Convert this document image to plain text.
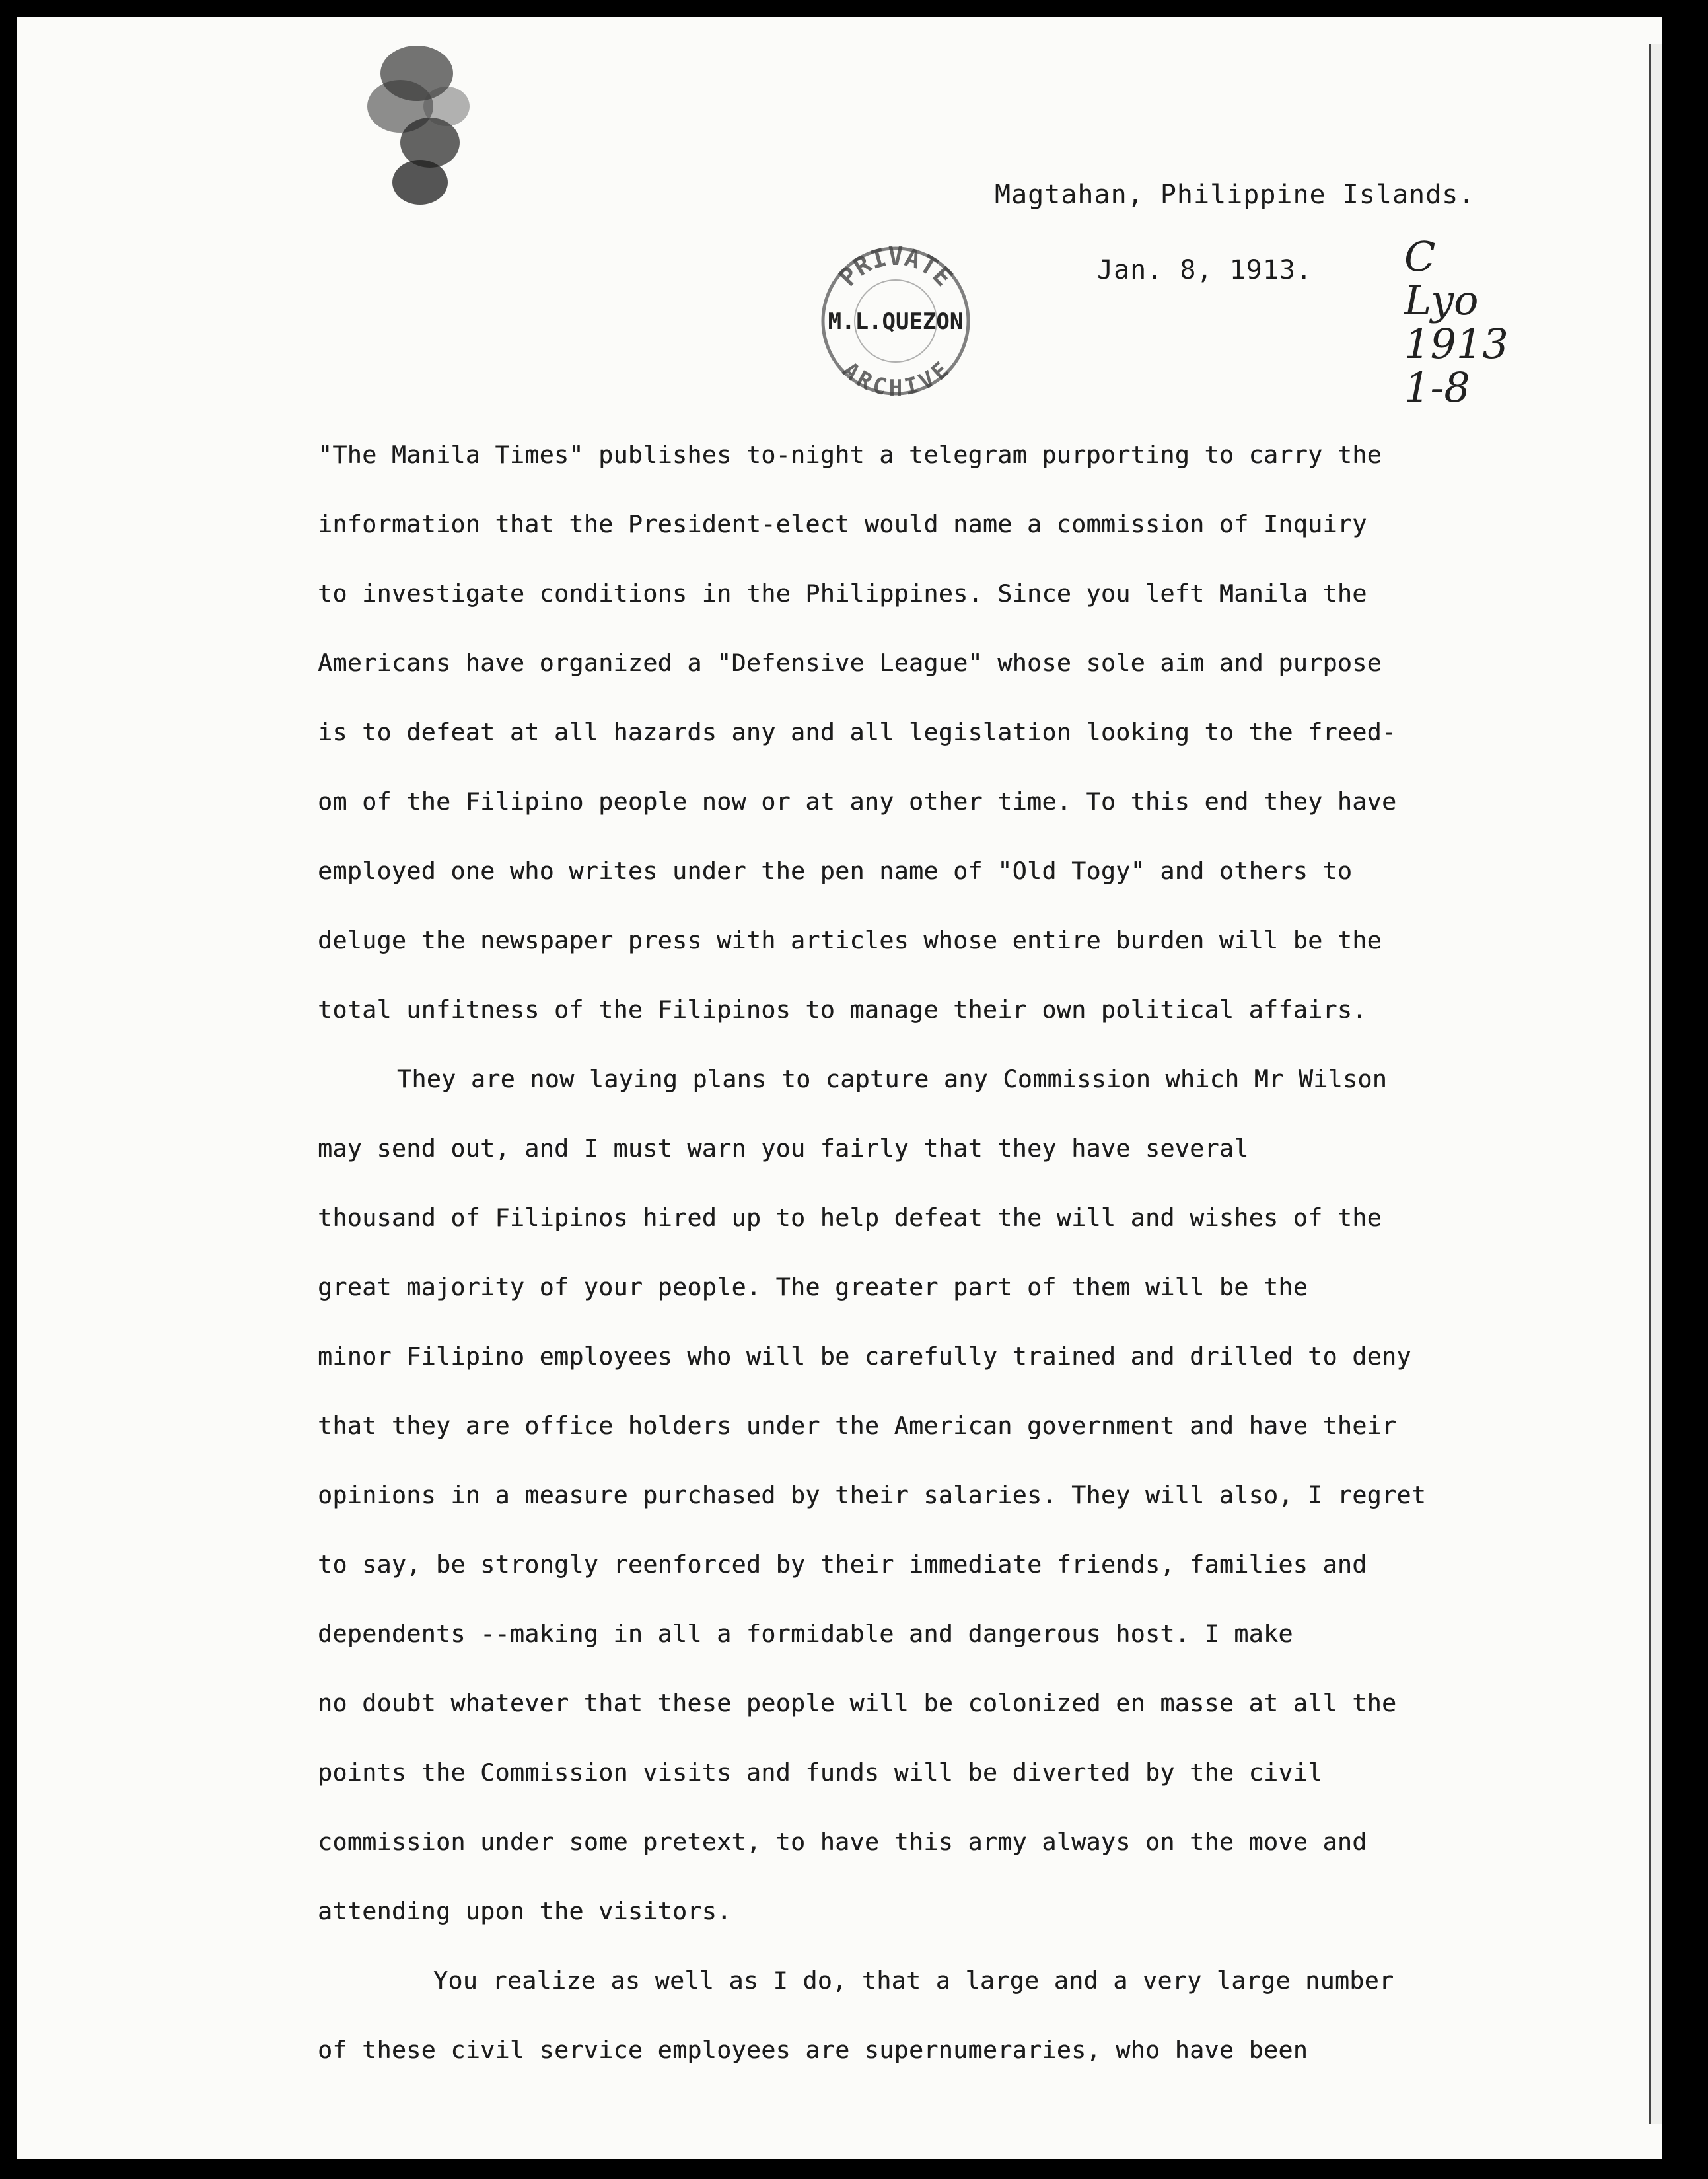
Magtahan, Philippine Islands.
Jan. 8, 1913.
PRIVATE
ARCHIVE
M.L.QUEZON
C
Lyo
1913
1-8
"The Manila Times" publishes to-night a telegram purporting to carry the
information that the President-elect would name a commission of Inquiry
to investigate conditions in the Philippines. Since you left Manila the
Americans have organized a "Defensive League" whose sole aim and purpose
is to defeat at all hazards any and all legislation looking to the freed-
om of the Filipino people now or at any other time. To this end they have
employed one who writes under the pen name of "Old Togy" and others to
deluge the newspaper press with articles whose entire burden will be the
total unfitness of the Filipinos to manage their own political affairs.
They are now laying plans to capture any Commission which Mr Wilson
may send out, and I must warn you fairly that they have several
thousand of Filipinos hired up to help defeat the will and wishes of the
great majority of your people. The greater part of them will be the
minor Filipino employees who will be carefully trained and drilled to deny
that they are office holders under the American government and have their
opinions in a measure purchased by their salaries. They will also, I regret
to say, be strongly reenforced by their immediate friends, families and
dependents --making in all a formidable and dangerous host. I make
no doubt whatever that these people will be colonized en masse at all the
points the Commission visits and funds will be diverted by the civil
commission under some pretext, to have this army always on the move and
attending upon the visitors.
You realize as well as I do, that a large and a very large number
of these civil service employees are supernumeraries, who have been
